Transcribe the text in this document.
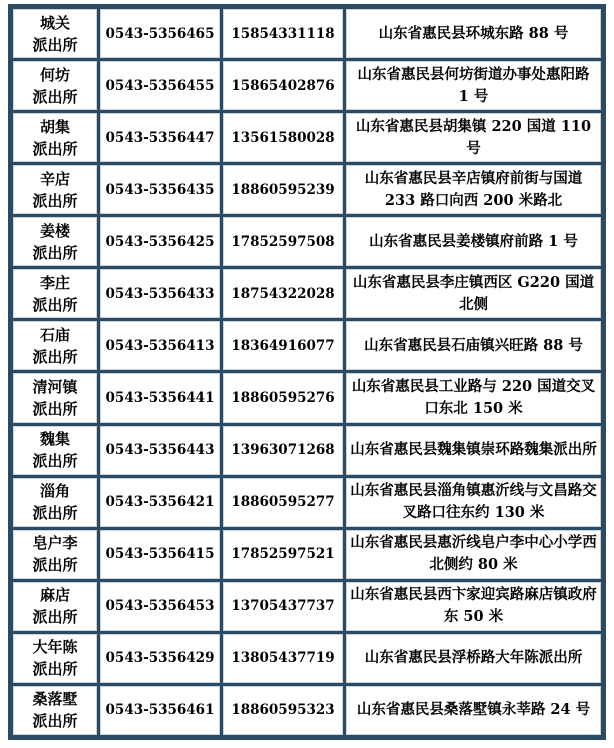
城关
派出所	0543-5356465	15854331118	山东省惠民县环城东路 88 号

何坊
派出所	0543-5356455	15865402876	山东省惠民县何坊街道办事处惠阳路 1 号

胡集
派出所	0543-5356447	13561580028	山东省惠民县胡集镇 220 国道 110 号

辛店
派出所	0543-5356435	18860595239	山东省惠民县辛店镇府前街与国道 233 路口向西 200 米路北

姜楼
派出所	0543-5356425	17852597508	山东省惠民县姜楼镇府前路 1 号

李庄
派出所	0543-5356433	18754322028	山东省惠民县李庄镇西区 G220 国道北侧

石庙
派出所	0543-5356413	18364916077	山东省惠民县石庙镇兴旺路 88 号

清河镇
派出所	0543-5356441	18860595276	山东省惠民县工业路与 220 国道交叉口东北 150 米

魏集
派出所	0543-5356443	13963071268	山东省惠民县魏集镇崇环路魏集派出所

淄角
派出所	0543-5356421	18860595277	山东省惠民县淄角镇惠沂线与文昌路交叉路口往东约 130 米

皂户李
派出所	0543-5356415	17852597521	山东省惠民县惠沂线皂户李中心小学西北侧约 80 米

麻店
派出所	0543-5356453	13705437737	山东省惠民县西卞家迎宾路麻店镇政府东 50 米

大年陈
派出所	0543-5356429	13805437719	山东省惠民县浮桥路大年陈派出所

桑落墅
派出所	0543-5356461	18860595323	山东省惠民县桑落墅镇永莘路 24 号
